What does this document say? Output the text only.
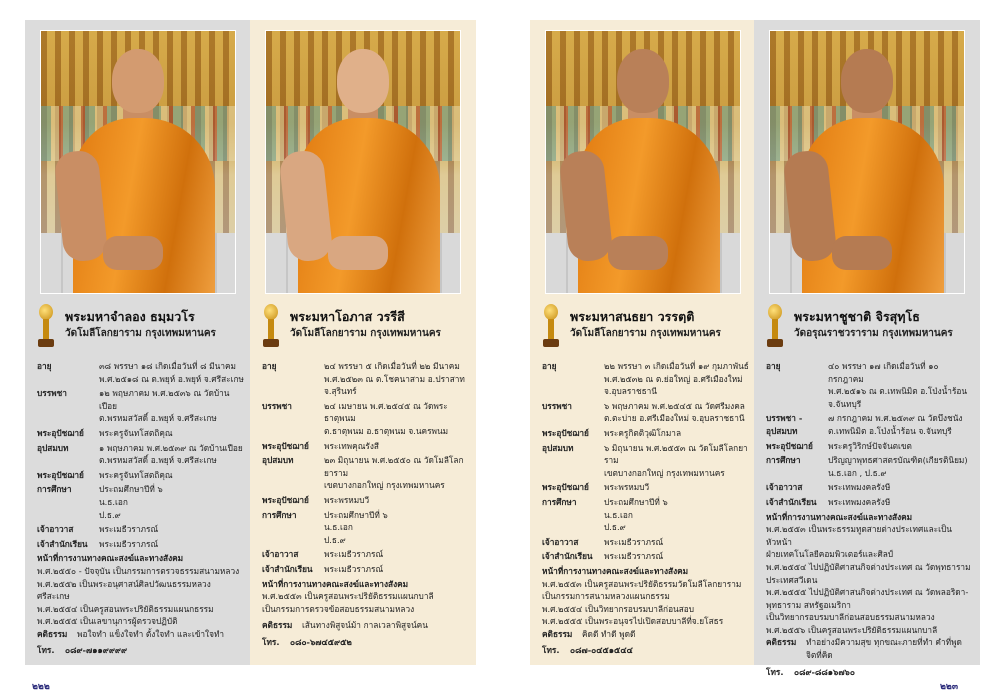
พระมหาจำลอง ธมฺมวโร
วัดโมลีโลกยาราม กรุงเทพมหานคร
อายุ	๓๘ พรรษา ๑๘ เกิดเมื่อวันที่ ๘ มีนาคม
พ.ศ.๒๕๑๘ ณ ต.พยุห์ อ.พยุห์ จ.ศรีสะเกษ
บรรพชา	๑๒ พฤษภาคม พ.ศ.๒๕๓๖ ณ วัดบ้านเปือย
ต.พรหมสวัสดิ์ อ.พยุห์ จ.ศรีสะเกษ
พระอุปัชฌาย์	พระครูจันทโสตถิคุณ
อุปสมบท	๑ พฤษภาคม พ.ศ.๒๕๓๙ ณ วัดบ้านเปือย
ต.พรหมสวัสดิ์ อ.พยุห์ จ.ศรีสะเกษ
พระอุปัชฌาย์	พระครูจันทโสตถิคุณ
การศึกษา	ประถมศึกษาปีที่ ๖
น.ธ.เอก
ป.ธ.๙
เจ้าอาวาส	พระเมธีวราภรณ์
เจ้าสำนักเรียน	พระเมธีวราภรณ์
หน้าที่การงานทางคณะสงฆ์และทางสังคม
พ.ศ.๒๕๕๐ - ปัจจุบัน เป็นกรรมการตรวจธรรมสนามหลวง
พ.ศ.๒๕๕๒ เป็นพระอนุศาสน์ศิลปวัฒนธรรมหลวง ศรีสะเกษ
พ.ศ.๒๕๕๔ เป็นครูสอนพระปริยัติธรรมแผนกธรรม
พ.ศ.๒๕๕๕ เป็นเลขานุการผู้ตรวจปฏิบัติ
คติธรรม	พอใจทำ แข็งใจทำ ตั้งใจทำ และเข้าใจทำ
โทร.	๐๘๙-๗๑๑๙๙๙๙
พระมหาโอภาส วรรีสี
วัดโมลีโลกยาราม กรุงเทพมหานคร
อายุ	๒๔ พรรษา ๕ เกิดเมื่อวันที่ ๒๒ มีนาคม
พ.ศ.๒๕๒๓ ณ ต.โชคนาสาม อ.ปราสาท
จ.สุรินทร์
บรรพชา	๒๔ เมษายน พ.ศ.๒๕๔๕ ณ วัดพระธาตุพนม
ต.ธาตุพนม อ.ธาตุพนม จ.นครพนม
พระอุปัชฌาย์	พระเทพคุณรังสี
อุปสมบท	๒๓ มิถุนายน พ.ศ.๒๕๕๐ ณ วัดโมลีโลกยาราม
เขตบางกอกใหญ่ กรุงเทพมหานคร
พระอุปัชฌาย์	พระพรหมบวี
การศึกษา	ประถมศึกษาปีที่ ๖
น.ธ.เอก
ป.ธ.๙
เจ้าอาวาส	พระเมธีวราภรณ์
เจ้าสำนักเรียน	พระเมธีวราภรณ์
หน้าที่การงานทางคณะสงฆ์และทางสังคม
พ.ศ.๒๕๕๓ เป็นครูสอนพระปริยัติธรรมแผนกบาลี
เป็นกรรมการตรวจข้อสอบธรรมสนามหลวง
คติธรรม	เส้นทางพิสูจน์ม้า กาลเวลาพิสูจน์คน
โทร.	๐๘๐-๖๗๔๕๙๕๒
พระมหาสนธยา วรรตฺติ
วัดโมลีโลกยาราม กรุงเทพมหานคร
อายุ	๒๒ พรรษา ๓ เกิดเมื่อวันที่ ๑๙ กุมภาพันธ์
พ.ศ.๒๕๓๒ ณ ต.ย่อใหญ่ อ.ศรีเมืองใหม่
จ.อุบลราชธานี
บรรพชา	๖ พฤษภาคม พ.ศ.๒๕๔๕ ณ วัดศรีมงคล
ต.ตะบ่าย อ.ศรีเมืองใหม่ จ.อุบลราชธานี
พระอุปัชฌาย์	พระครูกิตติวุฒิโกมาล
อุปสมบท	๖ มิถุนายน พ.ศ.๒๕๕๓ ณ วัดโมลีโลกยาราม
เขตบางกอกใหญ่ กรุงเทพมหานคร
พระอุปัชฌาย์	พระพรหมบวี
การศึกษา	ประถมศึกษาปีที่ ๖
น.ธ.เอก
ป.ธ.๙
เจ้าอาวาส	พระเมธีวราภรณ์
เจ้าสำนักเรียน	พระเมธีวราภรณ์
หน้าที่การงานทางคณะสงฆ์และทางสังคม
พ.ศ.๒๕๕๓ เป็นครูสอนพระปริยัติธรรมวัดโมลีโลกยาราม
เป็นกรรมการสนามหลวงแผนกธรรม
พ.ศ.๒๕๕๔ เป็นวิทยากรอบรมบาลีก่อนสอบ
พ.ศ.๒๕๕๕ เป็นพระอนุจรไปเปิดสอบบาลีที่จ.ยโสธร
คติธรรม	คิดดี ทำดี พูดดี
โทร.	๐๘๗-๐๔๕๑๕๔๔
พระมหาชูชาติ จิรสุทฺโธ
วัดอรุณราชวราราม กรุงเทพมหานคร
อายุ	๔๐ พรรษา ๑๗ เกิดเมื่อวันที่ ๑๐ กรกฎาคม
พ.ศ.๒๕๑๖ ณ ต.เทพนิมิต อ.โป่งน้ำร้อน
จ.จันทบุรี
บรรพชา - อุปสมบท
๗ กรกฎาคม พ.ศ.๒๕๓๙ ณ วัดบึงชนัง
ต.เทพนิมิต อ.โป่งน้ำร้อน จ.จันทบุรี
พระอุปัชฌาย์	พระครูวิริกษ์ปัจจันตเขต
การศึกษา	ปริญญาพุทธศาสตรบัณฑิต(เกียรตินิยม)
น.ธ.เอก , ป.ธ.๙
เจ้าอาวาส	พระเทพมงคลรังษี
เจ้าสำนักเรียน	พระเทพมงคลรังษี
หน้าที่การงานทางคณะสงฆ์และทางสังคม
พ.ศ.๒๕๕๓ เป็นพระธรรมทูตสายต่างประเทศและเป็นหัวหน้า
ฝ่ายเทคโนโลยีคอมพิวเตอร์และศิลป์
พ.ศ.๒๕๕๔ ไปปฏิบัติศาสนกิจต่างประเทศ ณ วัดพุทธาราม
ประเทศสวีเดน
พ.ศ.๒๕๕๕ ไปปฏิบัติศาสนกิจต่างประเทศ ณ วัดพลอริดา-
พุทธาราม สหรัฐอเมริกา
เป็นวิทยากรอบรมบาลีก่อนสอบธรรมสนามหลวง
พ.ศ.๒๕๕๖ เป็นครูสอนพระปริยัติธรรมแผนกบาลี
คติธรรม	ทำอย่างมีความสุข ทุกขณะภายที่ทำ คำที่พูด จิตที่คิด
โทร.	๐๘๙-๘๘๑๖๗๖๐
๒๒๒	๒๒๓
